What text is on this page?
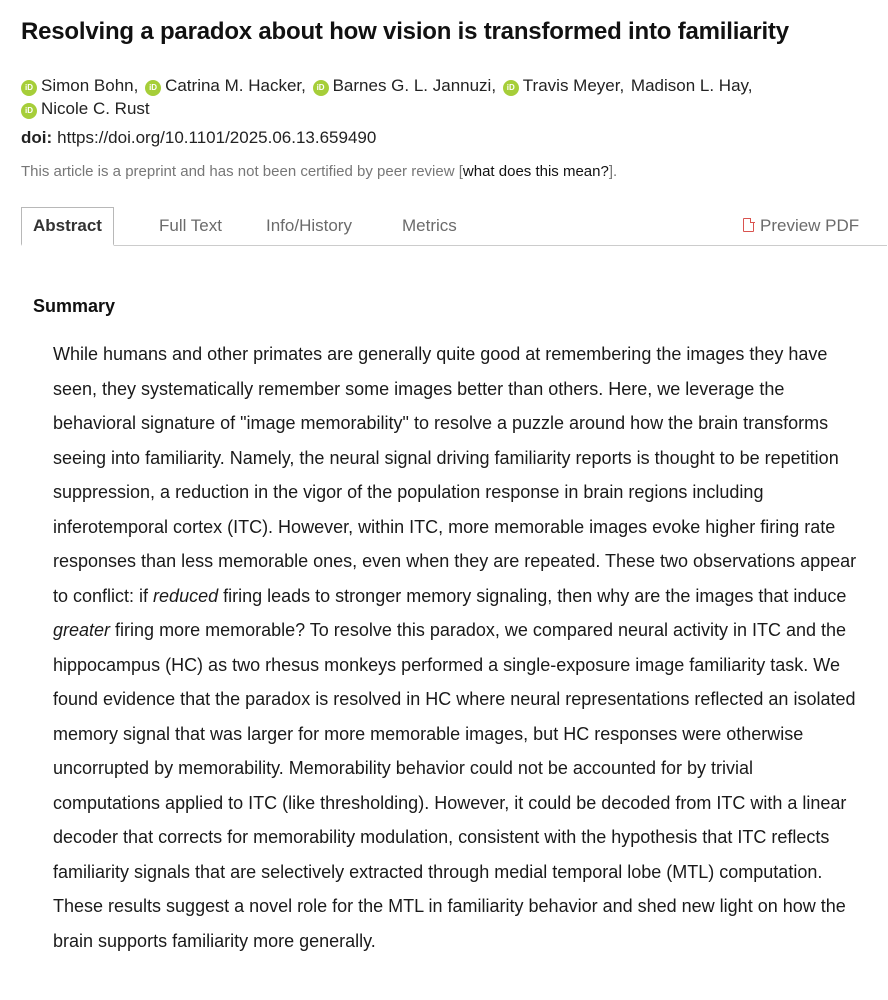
Resolving a paradox about how vision is transformed into familiarity
iD Simon Bohn, iD Catrina M. Hacker, iD Barnes G. L. Jannuzi, iD Travis Meyer, Madison L. Hay,
iD Nicole C. Rust
doi: https://doi.org/10.1101/2025.06.13.659490
This article is a preprint and has not been certified by peer review [what does this mean?].
Abstract	Full Text	Info/History	Metrics	Preview PDF
Summary

While humans and other primates are generally quite good at remembering the images they have seen, they systematically remember some images better than others. Here, we leverage the behavioral signature of "image memorability" to resolve a puzzle around how the brain transforms seeing into familiarity. Namely, the neural signal driving familiarity reports is thought to be repetition suppression, a reduction in the vigor of the population response in brain regions including inferotemporal cortex (ITC). However, within ITC, more memorable images evoke higher firing rate responses than less memorable ones, even when they are repeated. These two observations appear to conflict: if reduced firing leads to stronger memory signaling, then why are the images that induce greater firing more memorable? To resolve this paradox, we compared neural activity in ITC and the hippocampus (HC) as two rhesus monkeys performed a single-exposure image familiarity task. We found evidence that the paradox is resolved in HC where neural representations reflected an isolated memory signal that was larger for more memorable images, but HC responses were otherwise uncorrupted by memorability. Memorability behavior could not be accounted for by trivial computations applied to ITC (like thresholding). However, it could be decoded from ITC with a linear decoder that corrects for memorability modulation, consistent with the hypothesis that ITC reflects familiarity signals that are selectively extracted through medial temporal lobe (MTL) computation. These results suggest a novel role for the MTL in familiarity behavior and shed new light on how the brain supports familiarity more generally.
